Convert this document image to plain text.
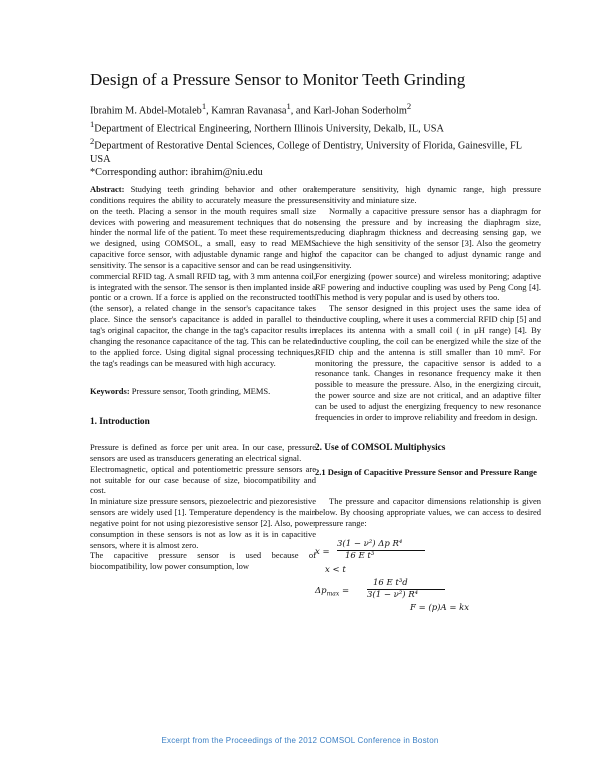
Design of a Pressure Sensor to Monitor Teeth Grinding

Ibrahim M. Abdel-Motaleb$^1$, Kamran Ravanasa$^1$, and Karl-Johan Soderholm$^2$

$^1$Department of Electrical Engineering, Northern Illinois University, Dekalb, IL, USA

$^2$Department of Restorative Dental Sciences, College of Dentistry, University of Florida, Gainesville, FL USA

*Corresponding author: ibrahim@niu.edu

Abstract: Studying teeth grinding behavior and other oral conditions requires the ability to accurately measure the pressure on the teeth. Placing a sensor in the mouth requires small size devices with powering and measurement techniques that do not hinder the normal life of the patient. To meet these requirements, we designed, using COMSOL, a small, easy to read MEMS capacitive force sensor, with adjustable dynamic range and high sensitivity. The sensor is a capacitive sensor and can be read using commercial RFID tag. A small RFID tag, with 3 mm antenna coil, is integrated with the sensor. The sensor is then implanted inside a pontic or a crown. If a force is applied on the reconstructed tooth (the sensor), a related change in the sensor's capacitance takes place. Since the sensor's capacitance is added in parallel to the tag's original capacitor, the change in the tag's capacitor results in changing the resonance capacitance of the tag. This can be related to the applied force. Using digital signal processing techniques, the tag's readings can be measured with high accuracy.

Keywords: Pressure sensor, Tooth grinding, MEMS.

1. Introduction

Pressure is defined as force per unit area. In our case, pressure sensors are used as transducers generating an electrical signal.

Electromagnetic, optical and potentiometric pressure sensors are not suitable for our case because of size, biocompatibility and cost.

In miniature size pressure sensors, piezoelectric and piezoresistive sensors are widely used [1]. Temperature dependency is the main negative point for not using piezoresistive sensor [2]. Also, power consumption in these sensors is not as low as it is in capacitive sensors, where it is almost zero.

The capacitive pressure sensor is used because of biocompatibility, low power consumption, low

temperature sensitivity, high dynamic range, high pressure sensitivity and miniature size.

Normally a capacitive pressure sensor has a diaphragm for sensing the pressure and by increasing the diaphragm size, reducing diaphragm thickness and decreasing sensing gap, we achieve the high sensitivity of the sensor [3]. Also the geometry of the capacitor can be changed to adjust dynamic range and sensitivity.

For energizing (power source) and wireless monitoring; adaptive RF powering and inductive coupling was used by Peng Cong [4]. This method is very popular and is used by others too.

The sensor designed in this project uses the same idea of inductive coupling, where it uses a commercial RFID chip [5] and replaces its antenna with a small coil ( in μH range) [4]. By inductive coupling, the coil can be energized while the size of the RFID chip and the antenna is still smaller than 10 mm². For monitoring the pressure, the capacitive sensor is added to a resonance tank. Changes in resonance frequency make it then possible to measure the pressure. Also, in the energizing circuit, the power source and size are not critical, and an adaptive filter can be used to adjust the energizing frequency to new resonance frequencies in order to improve reliability and freedom in design.

2. Use of COMSOL Multiphysics

2.1 Design of Capacitive Pressure Sensor and Pressure Range

The pressure and capacitor dimensions relationship is given below. By choosing appropriate values, we can access to desired pressure range:

x =
3(1 − ν²) Δp R⁴
16 E t³
x < t
$\Delta p_{max}$ =
16 E t³d
3(1 − ν²) R⁴
F = (p)A = kx
Excerpt from the Proceedings of the 2012 COMSOL Conference in Boston
